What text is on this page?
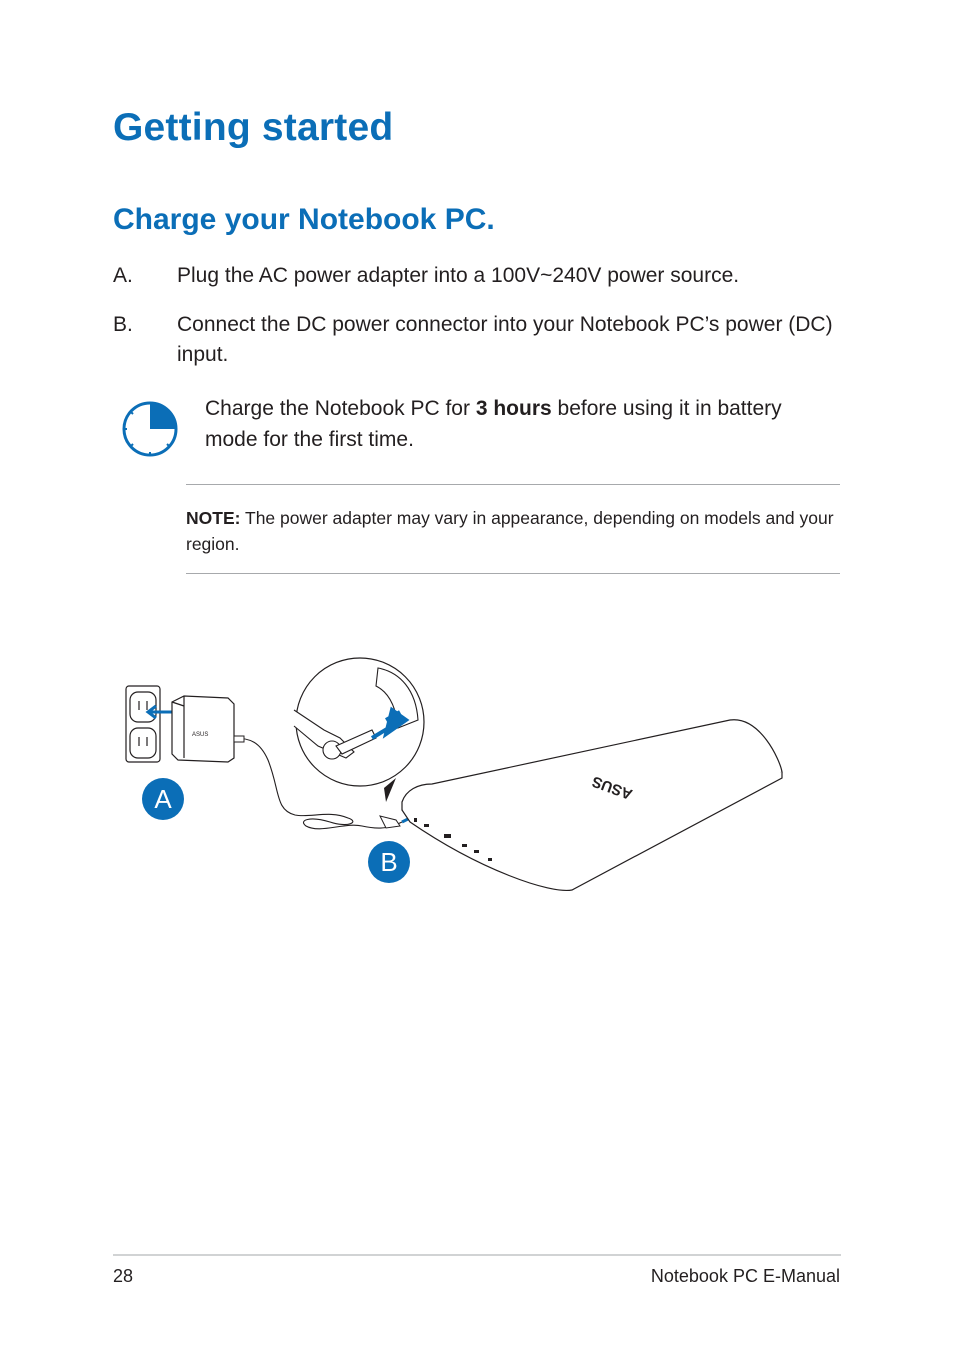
Getting started
Charge your Notebook PC.
A. Plug the AC power adapter into a 100V~240V power source.
B. Connect the DC power connector into your Notebook PC’s power (DC) input.
Charge the Notebook PC for 3 hours before using it in battery mode for the first time.
NOTE: The power adapter may vary in appearance, depending on models and your region.
ASUS
ASUS
A
B
28	Notebook PC E-Manual
